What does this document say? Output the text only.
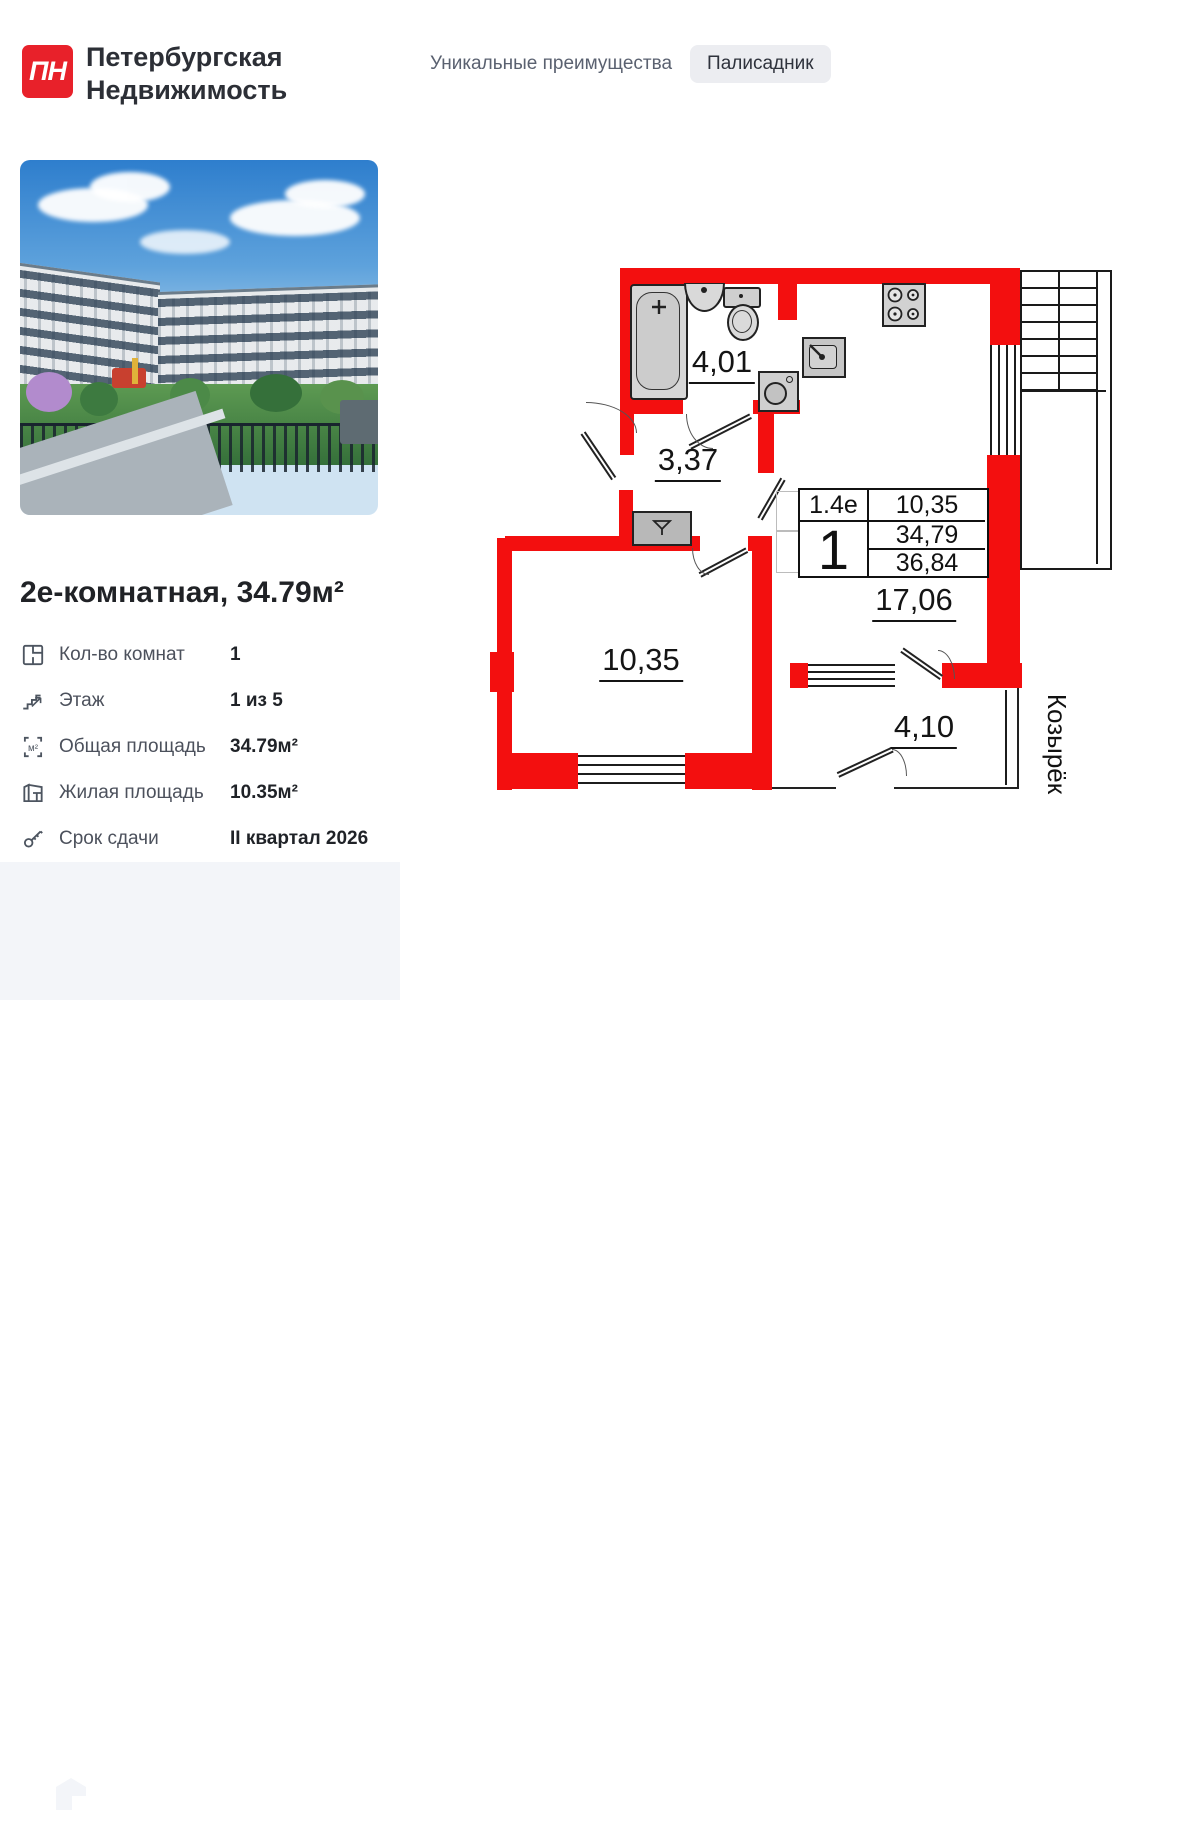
ПН Петербургская
Недвижимость
2е-комнатная, 34.79м²
Кол-во комнат	1
Этаж	1 из 5
м² Общая площадь	34.79м²
Жилая площадь	10.35м²
Срок сдачи	II квартал 2026
Домклик
Уникальные преимущества	Палисадник
4,01
3,37
10,35
17,06
4,10
1.4е	10,35
1	34,79
36,84
Козырёк
